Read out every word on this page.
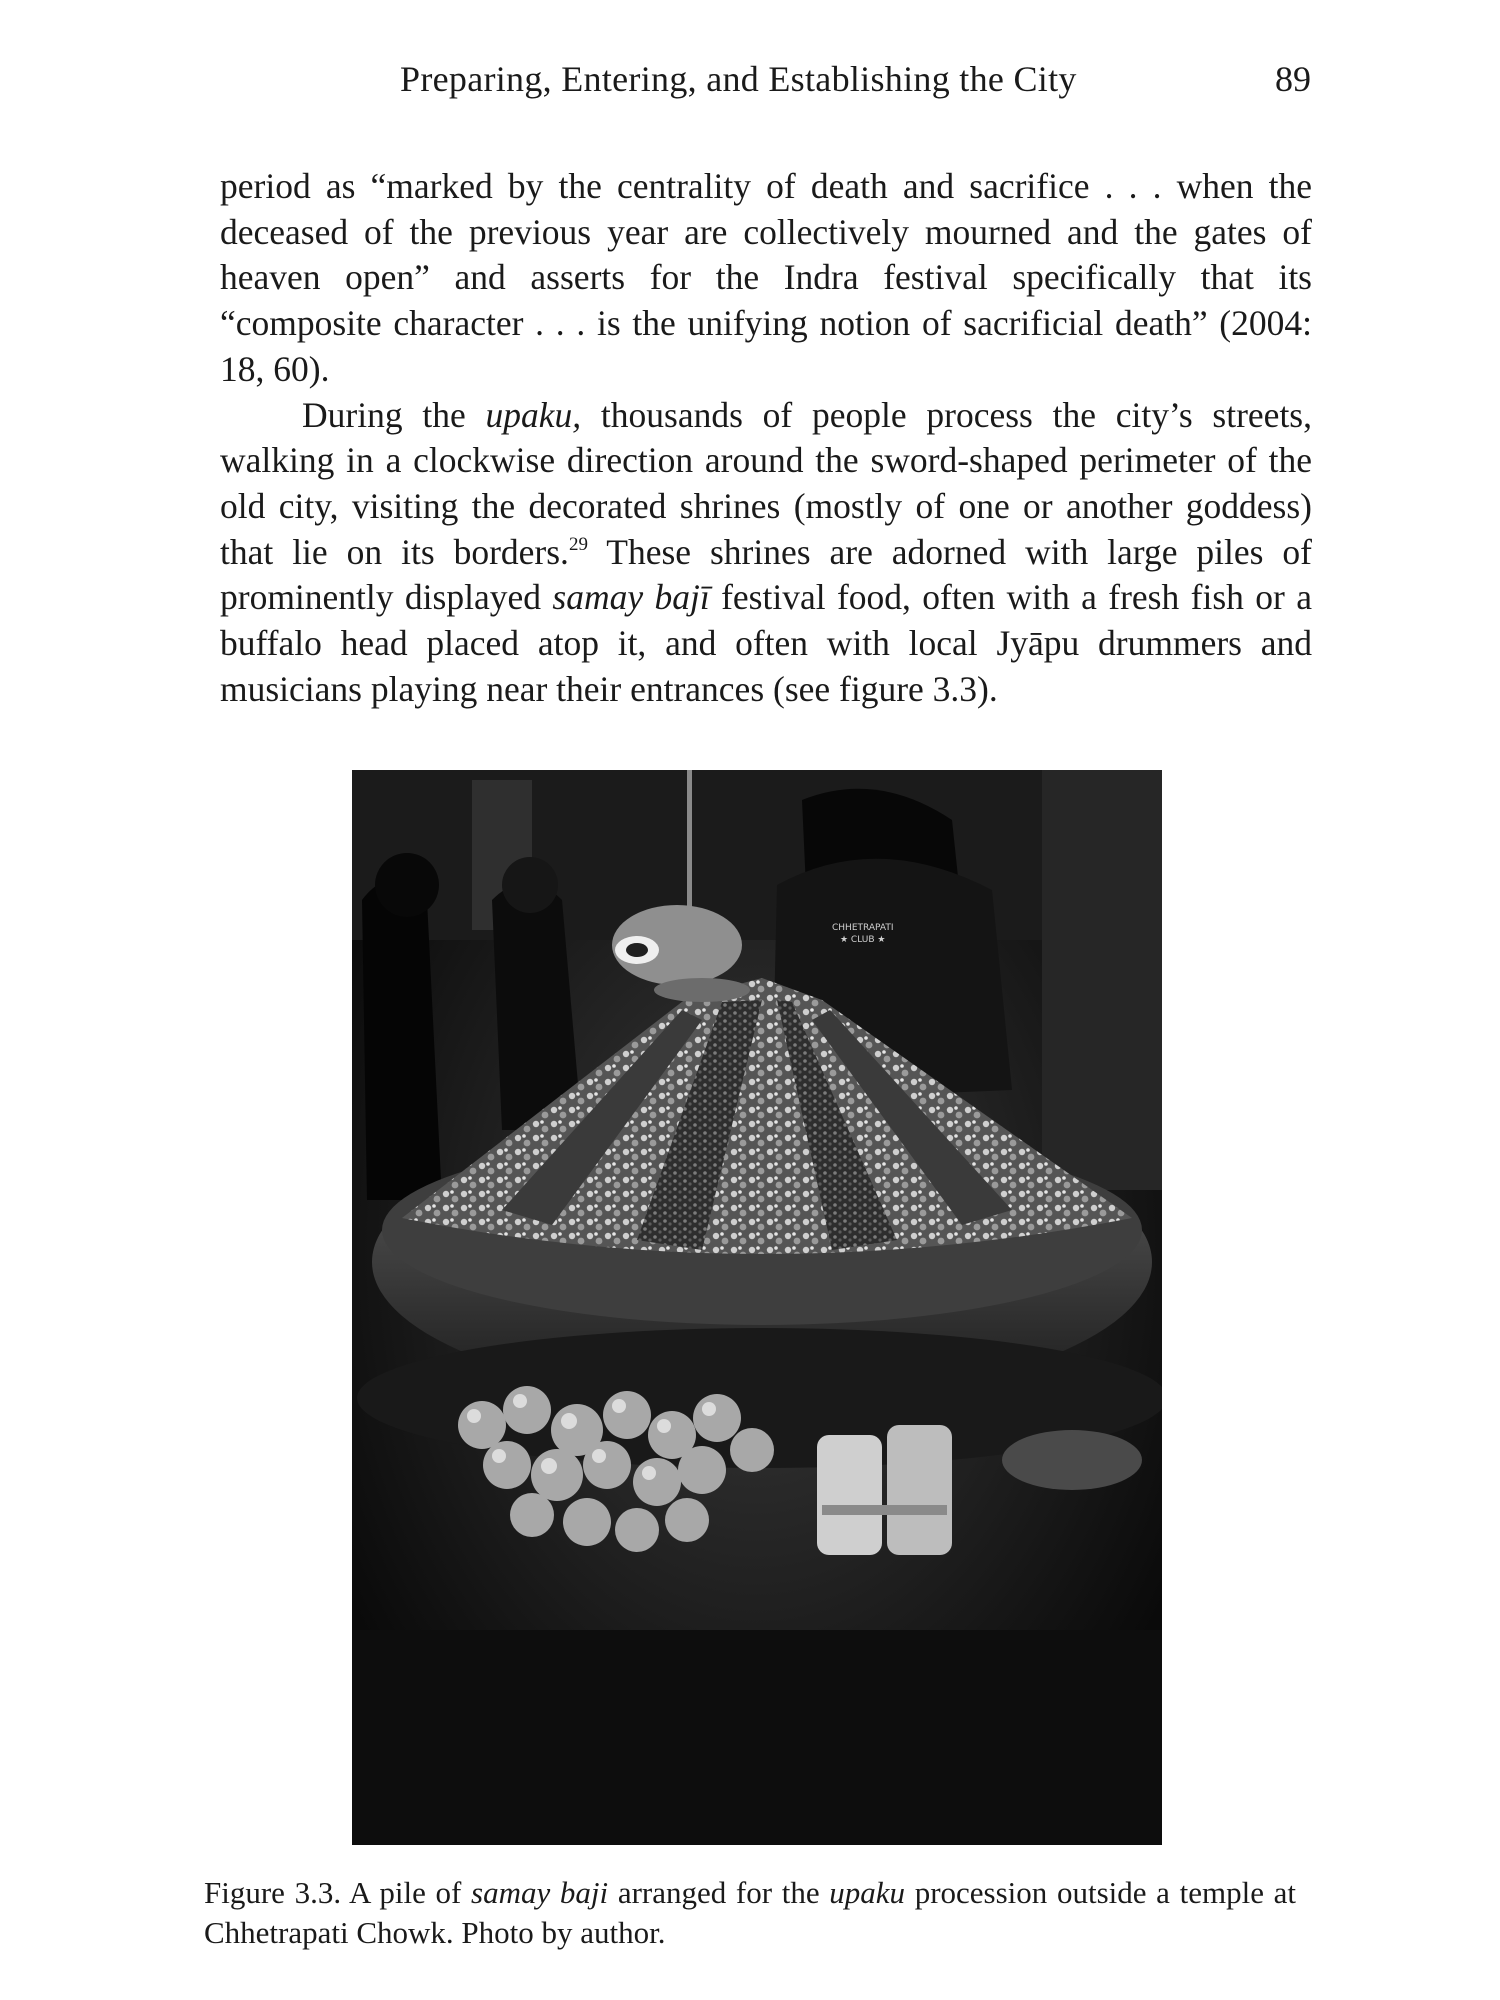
Preparing, Entering, and Establishing the City	89

period as “marked by the centrality of death and sacrifice . . . when the deceased of the previous year are collectively mourned and the gates of heaven open” and asserts for the Indra festival specifically that its “composite character . . . is the unifying notion of sacrificial death” (2004: 18, 60).

During the upaku, thousands of people process the city’s streets, walking in a clockwise direction around the sword-shaped perimeter of the old city, visiting the decorated shrines (mostly of one or another goddess) that lie on its borders.$^{29}$ These shrines are adorned with large piles of prominently displayed samay bajī festival food, often with a fresh fish or a buffalo head placed atop it, and often with local Jyāpu drummers and musicians playing near their entrances (see figure 3.3).

CHHETRAPATI
★ CLUB ★

Figure 3.3. A pile of samay baji arranged for the upaku procession outside a temple at Chhetrapati Chowk. Photo by author.
